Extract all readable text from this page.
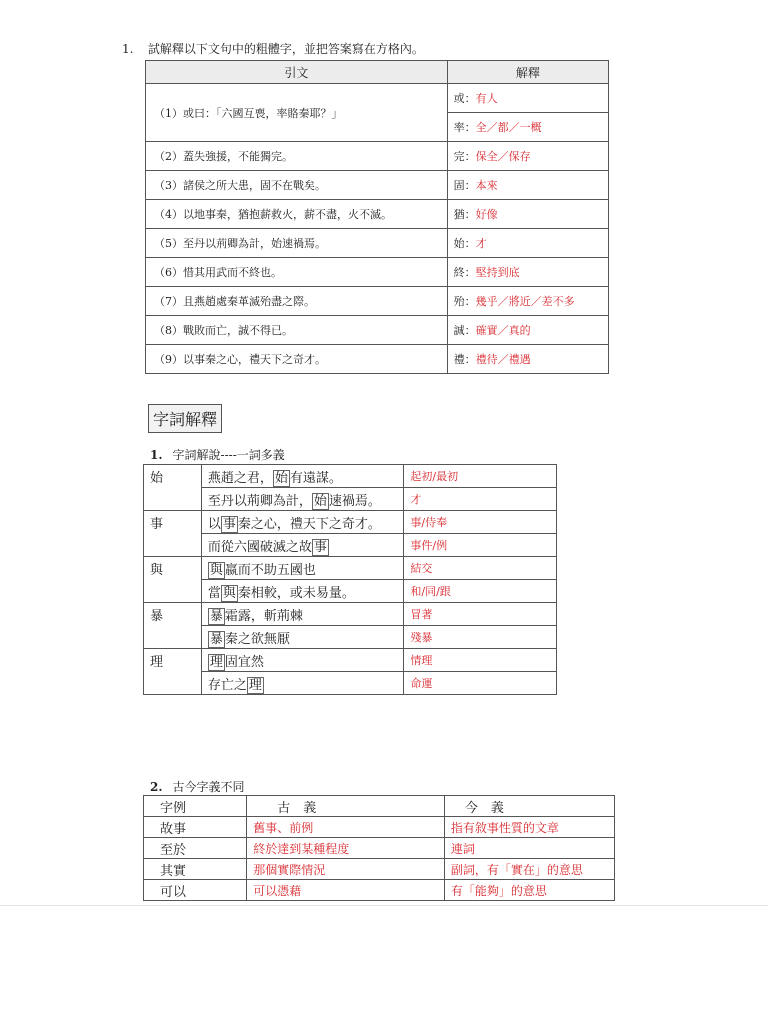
1. 試解釋以下文句中的粗體字，並把答案寫在方格內。
引文	解釋
（1）或曰：「六國互喪，率賂秦耶？」	或：有人
	率：全／都／一概
（2）蓋失強援，不能獨完。	完：保全／保存
（3）諸侯之所大患，固不在戰矣。	固：本來
（4）以地事秦，猶抱薪救火，薪不盡，火不滅。	猶：好像
（5）至丹以荊卿為計，始速禍焉。	始：才
（6）惜其用武而不終也。	終：堅持到底
（7）且燕趙處秦革滅殆盡之際。	殆：幾乎／將近／差不多
（8）戰敗而亡，誠不得已。	誠：確實／真的
（9）以事秦之心，禮天下之奇才。	禮：禮待／禮遇
字詞解釋
1. 字詞解說----一詞多義
始	燕趙之君， 始 有遠謀。	起初/最初
	至丹以荊卿為計， 始 速禍焉。	才
事	以 事 秦之心，禮天下之奇才。	事/侍奉
	而從六國破滅之故 事	事件/例
與	與 嬴而不助五國也	結交
	當 與 秦相較，或未易量。	和/同/跟
暴	暴 霜露，斬荊棘	冒著
	暴 秦之欲無厭	殘暴
理	理 固宜然	情理
	存亡之 理	命運
2. 古今字義不同
字例	古　義	今　義
故事	舊事、前例	指有敘事性質的文章
至於	終於達到某種程度	連詞
其實	那個實際情況	副詞，有「實在」的意思
可以	可以憑藉	有「能夠」的意思
